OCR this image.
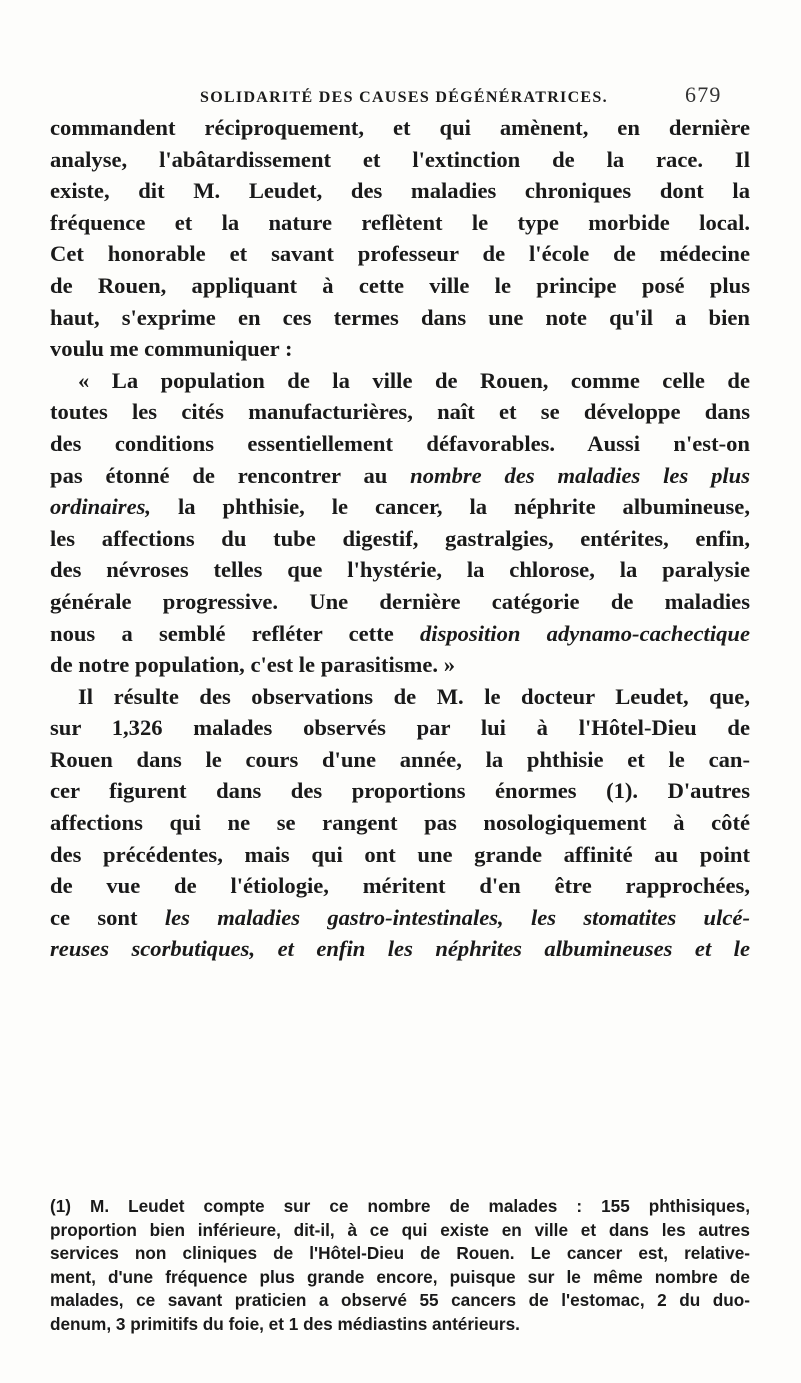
SOLIDARITÉ DES CAUSES DÉGÉNÉRATRICES.	679
commandent réciproquement, et qui amènent, en dernière
analyse, l'abâtardissement et l'extinction de la race. Il
existe, dit M. Leudet, des maladies chroniques dont la
fréquence et la nature reflètent le type morbide local.
Cet honorable et savant professeur de l'école de médecine
de Rouen, appliquant à cette ville le principe posé plus
haut, s'exprime en ces termes dans une note qu'il a bien
voulu me communiquer :
« La population de la ville de Rouen, comme celle de
toutes les cités manufacturières, naît et se développe dans
des conditions essentiellement défavorables. Aussi n'est-on
pas étonné de rencontrer au nombre des maladies les plus
ordinaires, la phthisie, le cancer, la néphrite albumineuse,
les affections du tube digestif, gastralgies, entérites, enfin,
des névroses telles que l'hystérie, la chlorose, la paralysie
générale progressive. Une dernière catégorie de maladies
nous a semblé refléter cette disposition adynamo-cachectique
de notre population, c'est le parasitisme. »
Il résulte des observations de M. le docteur Leudet, que,
sur 1,326 malades observés par lui à l'Hôtel-Dieu de
Rouen dans le cours d'une année, la phthisie et le can-
cer figurent dans des proportions énormes (1). D'autres
affections qui ne se rangent pas nosologiquement à côté
des précédentes, mais qui ont une grande affinité au point
de vue de l'étiologie, méritent d'en être rapprochées,
ce sont les maladies gastro-intestinales, les stomatites ulcé-
reuses scorbutiques, et enfin les néphrites albumineuses et le
(1) M. Leudet compte sur ce nombre de malades : 155 phthisiques,
proportion bien inférieure, dit-il, à ce qui existe en ville et dans les autres
services non cliniques de l'Hôtel-Dieu de Rouen. Le cancer est, relative-
ment, d'une fréquence plus grande encore, puisque sur le même nombre de
malades, ce savant praticien a observé 55 cancers de l'estomac, 2 du duo-
denum, 3 primitifs du foie, et 1 des médiastins antérieurs.
